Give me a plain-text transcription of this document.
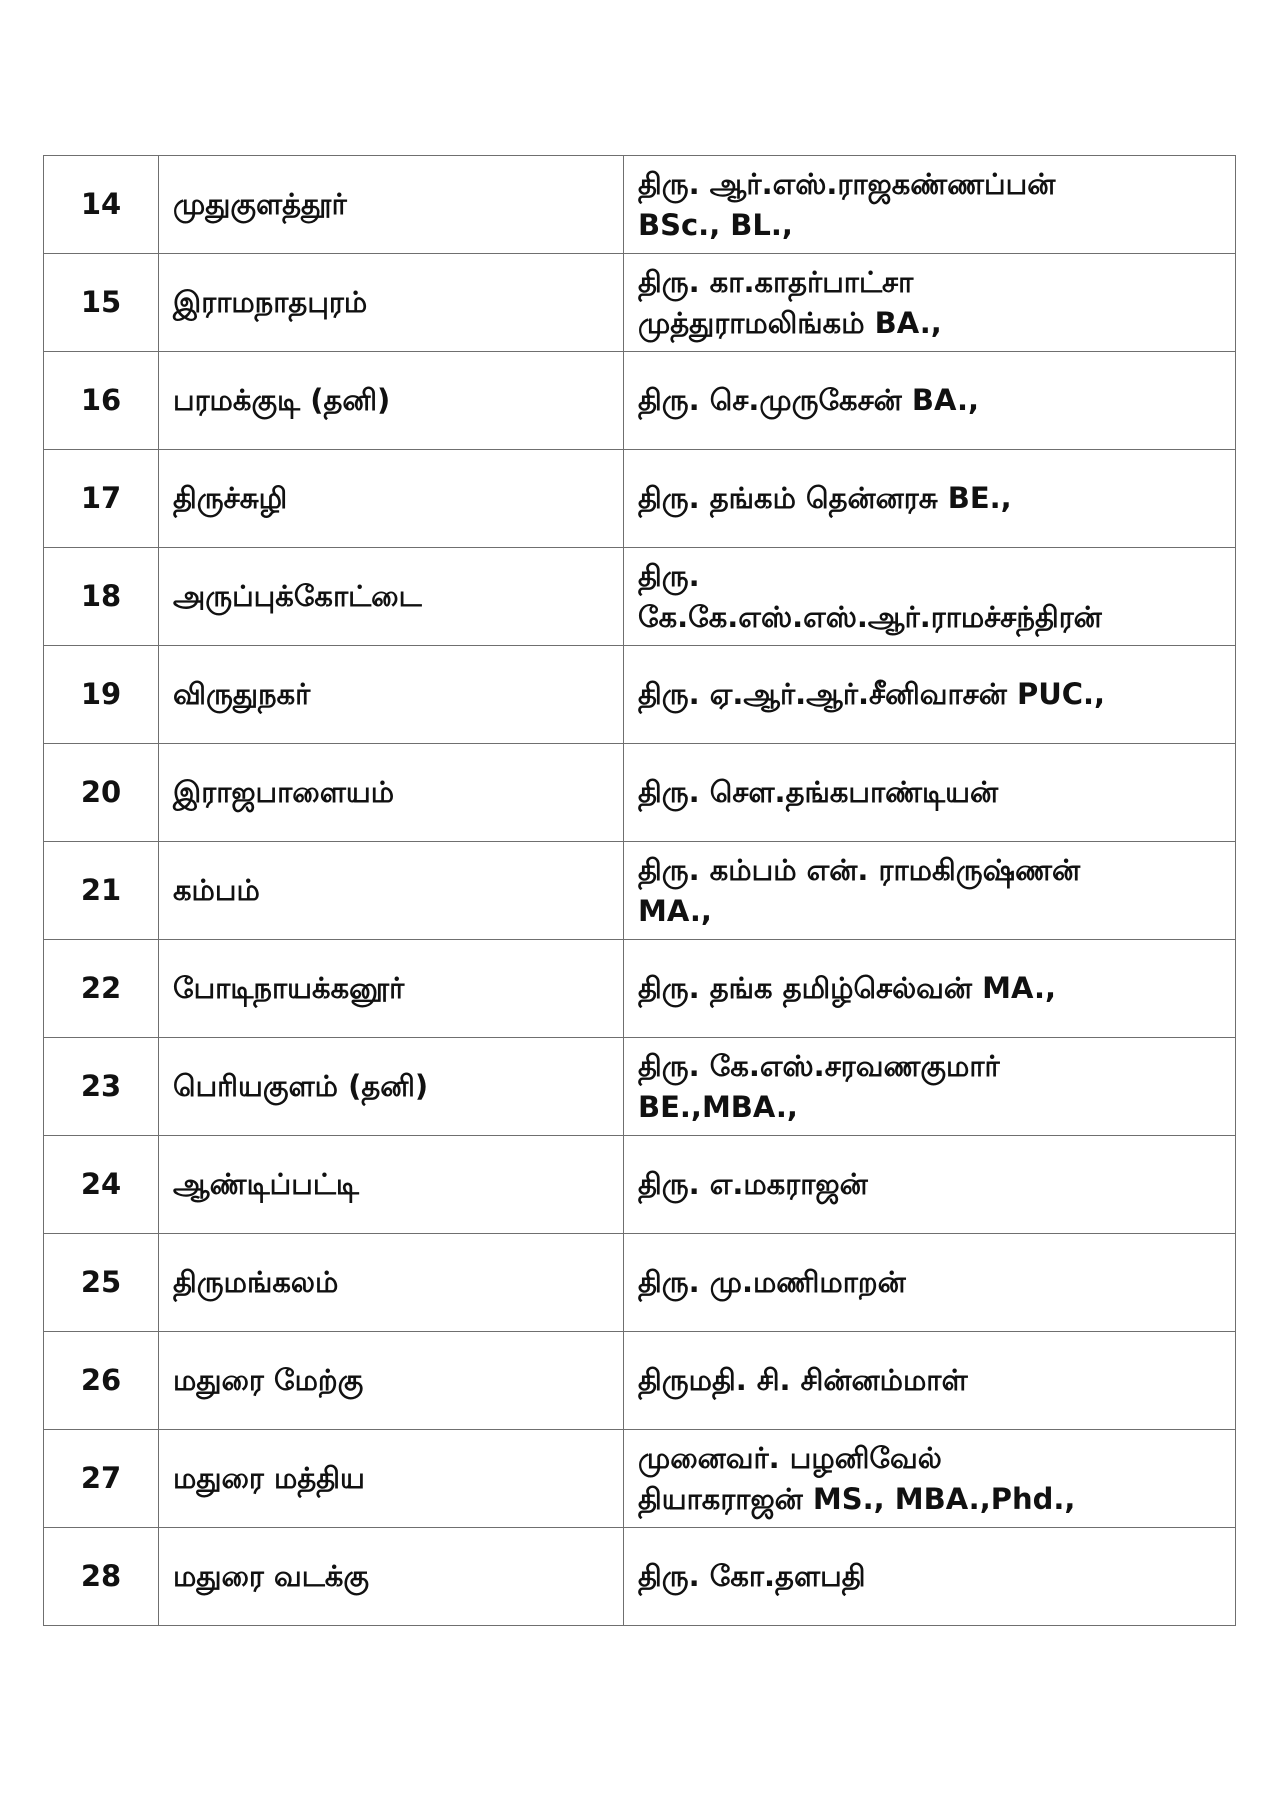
14	முதுகுளத்தூர்	திரு. ஆர்.எஸ்.ராஜகண்ணப்பன்
BSc., BL.,

15	இராமநாதபுரம்	திரு. கா.காதர்பாட்சா
முத்துராமலிங்கம் BA.,

16	பரமக்குடி (தனி)	திரு. செ.முருகேசன் BA.,

17	திருச்சுழி	திரு. தங்கம் தென்னரசு BE.,

18	அருப்புக்கோட்டை	திரு.
கே.கே.எஸ்.எஸ்.ஆர்.ராமச்சந்திரன்

19	விருதுநகர்	திரு. ஏ.ஆர்.ஆர்.சீனிவாசன் PUC.,

20	இராஜபாளையம்	திரு. செள.தங்கபாண்டியன்

21	கம்பம்	திரு. கம்பம் என். ராமகிருஷ்ணன்
MA.,

22	போடிநாயக்கனூர்	திரு. தங்க தமிழ்செல்வன் MA.,

23	பெரியகுளம் (தனி)	திரு. கே.எஸ்.சரவணகுமார்
BE.,MBA.,

24	ஆண்டிப்பட்டி	திரு. எ.மகராஜன்

25	திருமங்கலம்	திரு. மு.மணிமாறன்

26	மதுரை மேற்கு	திருமதி. சி. சின்னம்மாள்

27	மதுரை மத்திய	முனைவர். பழனிவேல்
தியாகராஜன் MS., MBA.,Phd.,

28	மதுரை வடக்கு	திரு. கோ.தளபதி
